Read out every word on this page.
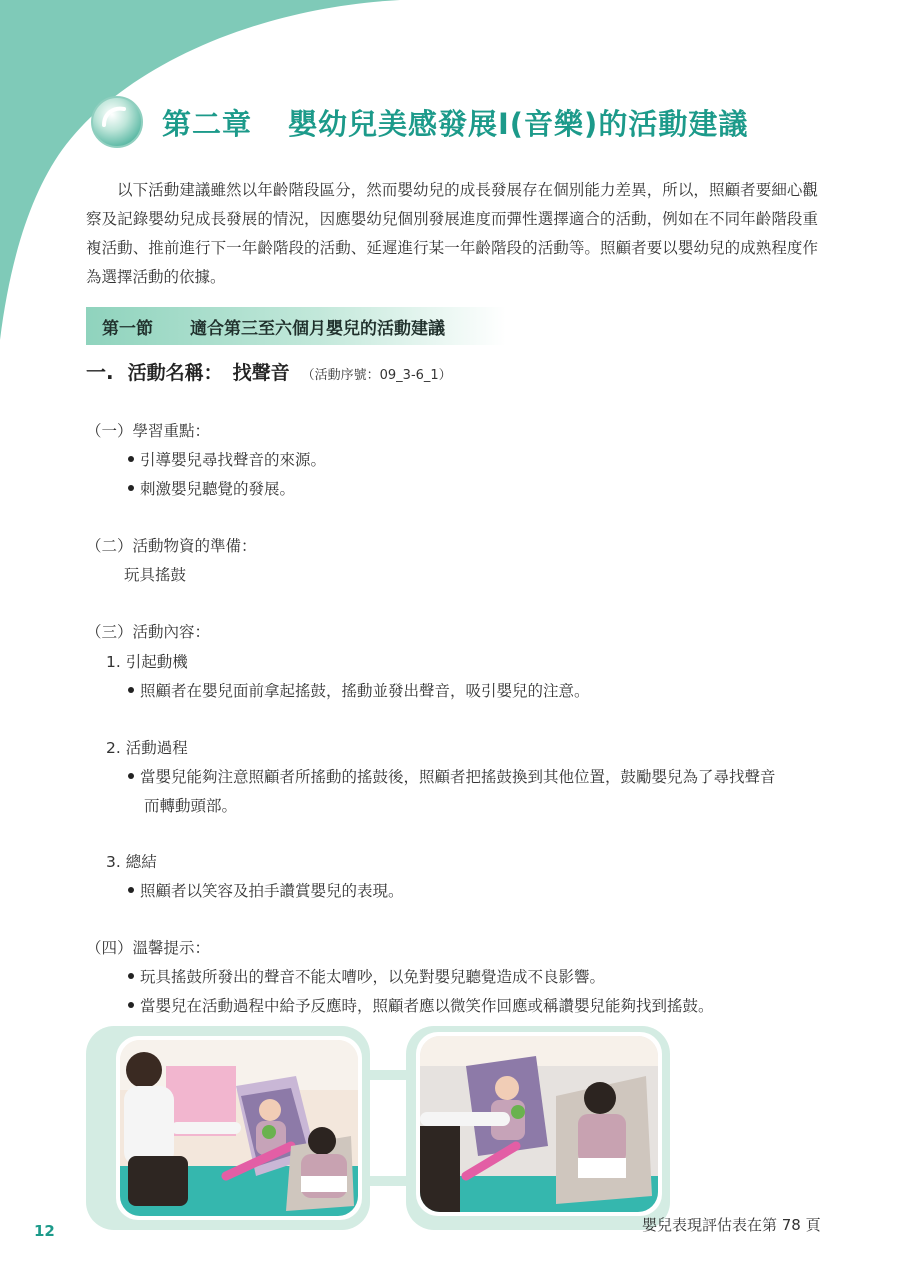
第二章 嬰幼兒美感發展I(音樂)的活動建議

以下活動建議雖然以年齡階段區分，然而嬰幼兒的成長發展存在個別能力差異，所以，照顧者要細心觀察及記錄嬰幼兒成長發展的情況，因應嬰幼兒個別發展進度而彈性選擇適合的活動，例如在不同年齡階段重複活動、推前進行下一年齡階段的活動、延遲進行某一年齡階段的活動等。照顧者要以嬰幼兒的成熟程度作為選擇活動的依據。

第一節 適合第三至六個月嬰兒的活動建議
一. 活動名稱： 找聲音 （活動序號：09_3-6_1）
（一）學習重點：
引導嬰兒尋找聲音的來源。
刺激嬰兒聽覺的發展。
（二）活動物資的準備：
玩具搖鼓
（三）活動內容：
1. 引起動機
照顧者在嬰兒面前拿起搖鼓，搖動並發出聲音，吸引嬰兒的注意。
2. 活動過程
當嬰兒能夠注意照顧者所搖動的搖鼓後，照顧者把搖鼓換到其他位置，鼓勵嬰兒為了尋找聲音
而轉動頭部。
3. 總結
照顧者以笑容及拍手讚賞嬰兒的表現。
（四）溫馨提示：
玩具搖鼓所發出的聲音不能太嘈吵，以免對嬰兒聽覺造成不良影響。
當嬰兒在活動過程中給予反應時，照顧者應以微笑作回應或稱讚嬰兒能夠找到搖鼓。
12	嬰兒表現評估表在第 78 頁
